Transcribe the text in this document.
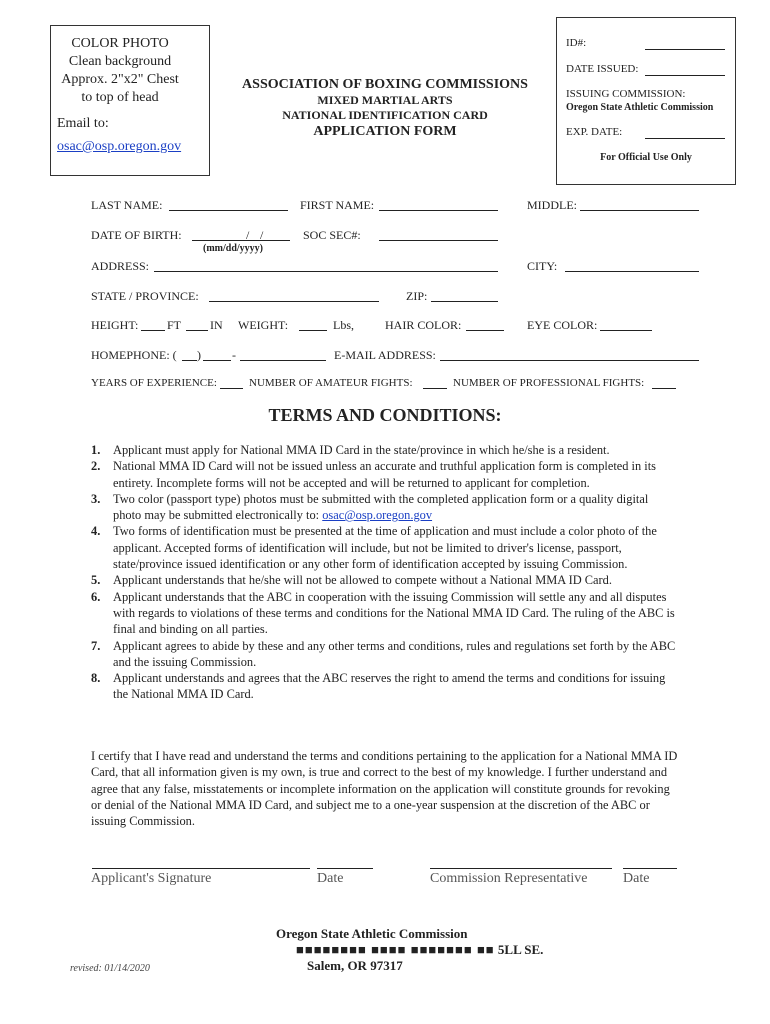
COLOR PHOTO
Clean background
Approx. 2"x2" Chest
to top of head
Email to:
osac@osp.oregon.gov
ASSOCIATION OF BOXING COMMISSIONS
MIXED MARTIAL ARTS
NATIONAL IDENTIFICATION CARD
APPLICATION FORM
ID#:
DATE ISSUED:
ISSUING COMMISSION:
Oregon State Athletic Commission
EXP. DATE:
For Official Use Only
LAST NAME:	FIRST NAME:	MIDDLE:
DATE OF BIRTH:	/ /
(mm/dd/yyyy)
SOC SEC#:
ADDRESS:	CITY:
STATE / PROVINCE:	ZIP:
HEIGHT: FT IN WEIGHT:	Lbs,	HAIR COLOR:	EYE COLOR:
HOMEPHONE: ( )	-	E-MAIL ADDRESS:
YEARS OF EXPERIENCE:	NUMBER OF AMATEUR FIGHTS:	NUMBER OF PROFESSIONAL FIGHTS:
TERMS AND CONDITIONS:
1.	Applicant must apply for National MMA ID Card in the state/province in which he/she is a resident.
2.	National MMA ID Card will not be issued unless an accurate and truthful application form is completed in its entirety. Incomplete forms will not be accepted and will be returned to applicant for completion.
3.	Two color (passport type) photos must be submitted with the completed application form or a quality digital photo may be submitted electronically to: osac@osp.oregon.gov
4.	Two forms of identification must be presented at the time of application and must include a color photo of the applicant. Accepted forms of identification will include, but not be limited to driver's license, passport, state/province issued identification or any other form of identification accepted by issuing Commission.
5.	Applicant understands that he/she will not be allowed to compete without a National MMA ID Card.
6.	Applicant understands that the ABC in cooperation with the issuing Commission will settle any and all disputes with regards to violations of these terms and conditions for the National MMA ID Card. The ruling of the ABC is final and binding on all parties.
7.	Applicant agrees to abide by these and any other terms and conditions, rules and regulations set forth by the ABC and the issuing Commission.
8.	Applicant understands and agrees that the ABC reserves the right to amend the terms and conditions for issuing the National MMA ID Card.
I certify that I have read and understand the terms and conditions pertaining to the application for a National MMA ID Card, that all information given is my own, is true and correct to the best of my knowledge. I further understand and agree that any false, misstatements or incomplete information on the application will constitute grounds for revoking or denial of the National MMA ID Card, and subject me to a one-year suspension at the discretion of the ABC or issuing Commission.
Applicant's Signature	Date	Commission Representative	Date
Oregon State Athletic Commission
■■■■■■■■ ■■■■ ■■■■■■■ ■■ 5LL SE.
Salem, OR 97317
revised: 01/14/2020
